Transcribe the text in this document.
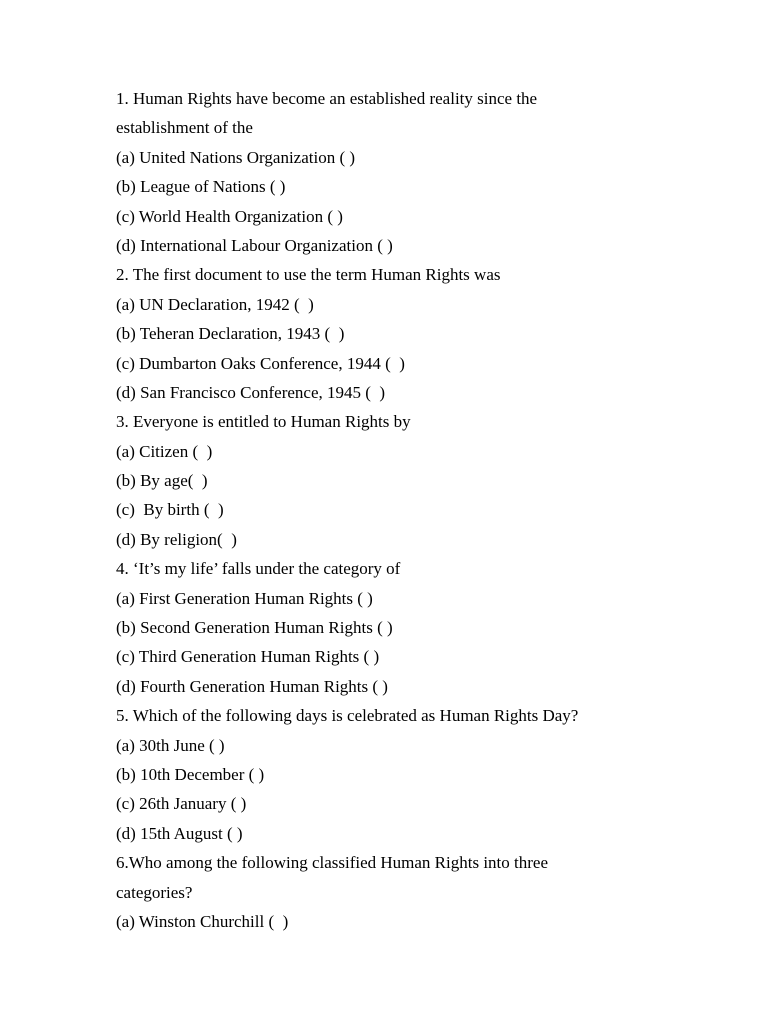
1. Human Rights have become an established reality since the
establishment of the
(a) United Nations Organization ( )
(b) League of Nations ( )
(c) World Health Organization ( )
(d) International Labour Organization ( )
2. The first document to use the term Human Rights was
(a) UN Declaration, 1942 (  )
(b) Teheran Declaration, 1943 (  )
(c) Dumbarton Oaks Conference, 1944 (  )
(d) San Francisco Conference, 1945 (  )
3. Everyone is entitled to Human Rights by
(a) Citizen (  )
(b) By age(  )
(c)  By birth (  )
(d) By religion(  )
4. ‘It’s my life’ falls under the category of
(a) First Generation Human Rights ( )
(b) Second Generation Human Rights ( )
(c) Third Generation Human Rights ( )
(d) Fourth Generation Human Rights ( )
5. Which of the following days is celebrated as Human Rights Day?
(a) 30th June ( )
(b) 10th December ( )
(c) 26th January ( )
(d) 15th August ( )
6.Who among the following classified Human Rights into three
categories?
(a) Winston Churchill (  )
